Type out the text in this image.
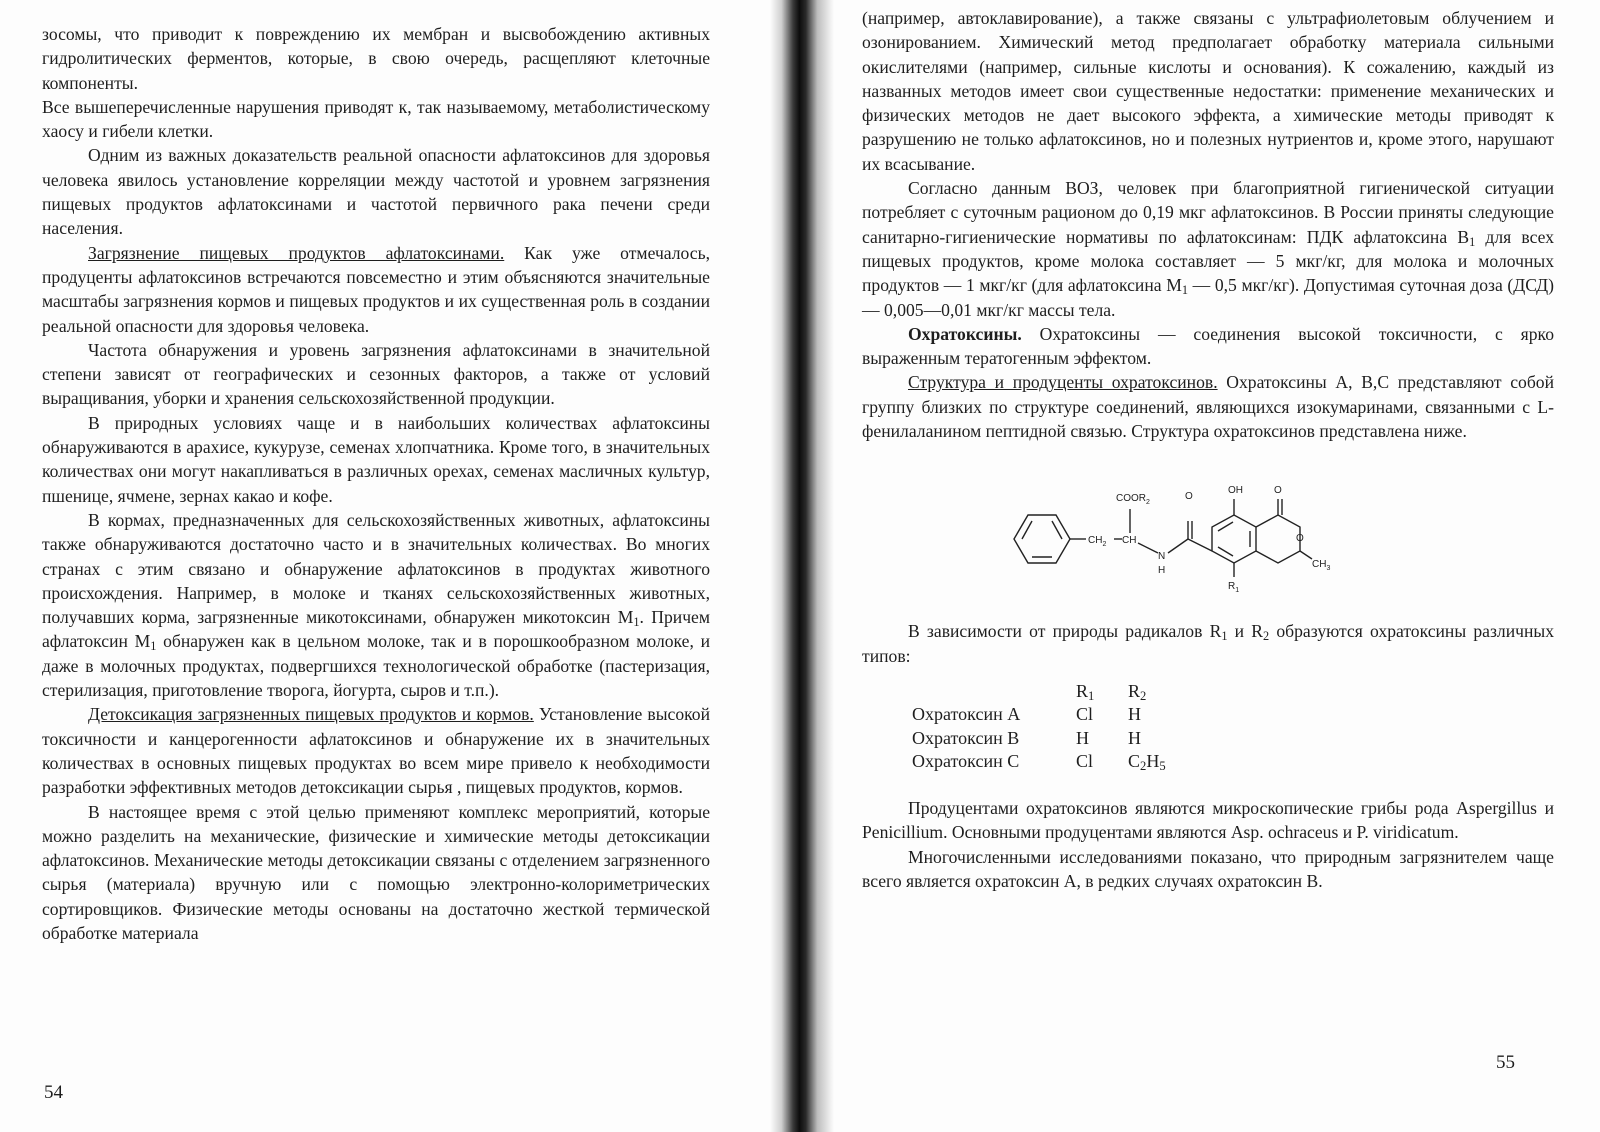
зосомы, что приводит к повреждению их мембран и высвобождению активных гидролитических ферментов, которые, в свою очередь, расщепляют клеточные компоненты.

Все вышеперечисленные нарушения приводят к, так называемому, метаболистическому хаосу и гибели клетки.

Одним из важных доказательств реальной опасности афлатоксинов для здоровья человека явилось установление корреляции между частотой и уровнем загрязнения пищевых продуктов афлатоксинами и частотой первичного рака печени среди населения.

Загрязнение пищевых продуктов афлатоксинами. Как уже отмечалось, продуценты афлатоксинов встречаются повсеместно и этим объясняются значительные масштабы загрязнения кормов и пищевых продуктов и их существенная роль в создании реальной опасности для здоровья человека.

Частота обнаружения и уровень загрязнения афлатоксинами в значительной степени зависят от географических и сезонных факторов, а также от условий выращивания, уборки и хранения сельскохозяйственной продукции.

В природных условиях чаще и в наибольших количествах афлатоксины обнаруживаются в арахисе, кукурузе, семенах хлопчатника. Кроме того, в значительных количествах они могут накапливаться в различных орехах, семенах масличных культур, пшенице, ячмене, зернах какао и кофе.

В кормах, предназначенных для сельскохозяйственных животных, афлатоксины также обнаруживаются достаточно часто и в значительных количествах. Во многих странах с этим связано и обнаружение афлатоксинов в продуктах животного происхождения. Например, в молоке и тканях сельскохозяйственных животных, получавших корма, загрязненные микотоксинами, обнаружен микотоксин $M_1$. Причем афлатоксин $M_1$ обнаружен как в цельном молоке, так и в порошкообразном молоке, и даже в молочных продуктах, подвергшихся технологической обработке (пастеризация, стерилизация, приготовление творога, йогурта, сыров и т.п.).

Детоксикация загрязненных пищевых продуктов и кормов. Установление высокой токсичности и канцерогенности афлатоксинов и обнаружение их в значительных количествах в основных пищевых продуктах во всем мире привело к необходимости разработки эффективных методов детоксикации сырья , пищевых продуктов, кормов.

В настоящее время с этой целью применяют комплекс мероприятий, которые можно разделить на механические, физические и химические методы детоксикации афлатоксинов. Механические методы детоксикации связаны с отделением загрязненного сырья (материала) вручную или с помощью электронно-колориметрических сортировщиков. Физические методы основаны на достаточно жесткой термической обработке материала

54

(например, автоклавирование), а также связаны с ультрафиолетовым облучением и озонированием. Химический метод предполагает обработку материала сильными окислителями (например, сильные кислоты и основания). К сожалению, каждый из названных методов имеет свои существенные недостатки: применение механических и физических методов не дает высокого эффекта, а химические методы приводят к разрушению не только афлатоксинов, но и полезных нутриентов и, кроме этого, нарушают их всасывание.

Согласно данным ВОЗ, человек при благоприятной гигиенической ситуации потребляет с суточным рационом до 0,19 мкг афлатоксинов. В России приняты следующие санитарно-гигиенические нормативы по афлатоксинам: ПДК афлатоксина $B_1$ для всех пищевых продуктов, кроме молока составляет — 5 мкг/кг, для молока и молочных продуктов — 1 мкг/кг (для афлатоксина $M_1$ — 0,5 мкг/кг). Допустимая суточная доза (ДСД) — 0,005—0,01 мкг/кг массы тела.

Охратоксины. Охратоксины — соединения высокой токсичности, с ярко выраженным тератогенным эффектом.

Структура и продуценты охратоксинов. Охратоксины A, B,C представляют собой группу близких по структуре соединений, являющихся изокумаринами, связанными с L-фенилаланином пептидной связью. Структура охратоксинов представлена ниже.

$COOR_2$
O
OH	O
O
$CH_2$ CH
N
H
$CH_3$
$R_1$

В зависимости от природы радикалов $R_1$ и $R_2$ образуются охратоксины различных типов:

	$R_1$	$R_2$
Охратоксин A	Cl	H
Охратоксин B	H	H
Охратоксин C	Cl	$C_2H_5$

Продуцентами охратоксинов являются микроскопические грибы рода Aspergillus и Penicillium. Основными продуцентами являются Asp. ochraceus и P. viridicatum.

Многочисленными исследованиями показано, что природным загрязнителем чаще всего является охратоксин A, в редких случаях охратоксин B.

55
